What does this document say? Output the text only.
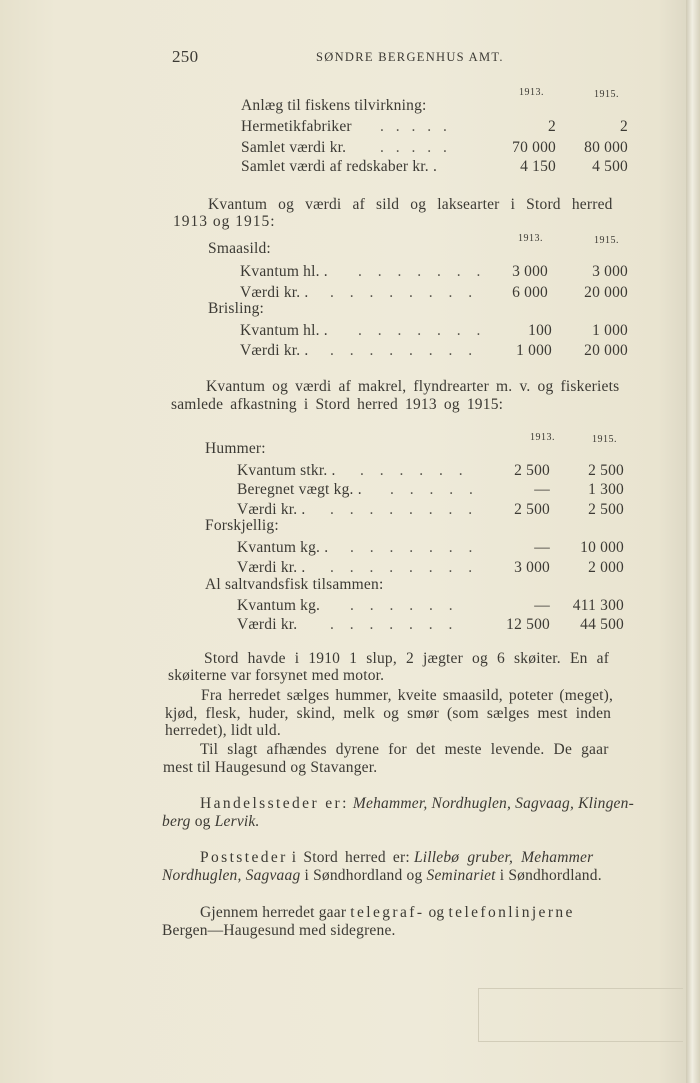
250	SØNDRE BERGENHUS AMT.
1913.	1915.
Anlæg til fiskens tilvirkning:
Hermetikfabriker . . . . .	2	2
Samlet værdi kr. . . . . .	70 000	80 000
Samlet værdi af redskaber kr. .	4 150	4 500
Kvantum og værdi af sild og laksearter i Stord herred
1913 og 1915:
1913.	1915.
Smaasild:
Kvantum hl. . . . . . . . .	3 000	3 000
Værdi kr. . . . . . . . . .	6 000	20 000
Brisling:
Kvantum hl. . . . . . . . .	100	1 000
Værdi kr. . . . . . . . . .	1 000	20 000
Kvantum og værdi af makrel, flyndrearter m. v. og fiskeriets
samlede afkastning i Stord herred 1913 og 1915:
1913.	1915.
Hummer:
Kvantum stkr. . . . . . . .	2 500	2 500
Beregnet vægt kg. . . . . . .	—	1 300
Værdi kr. . . . . . . . . .	2 500	2 500
Forskjellig:
Kvantum kg. . . . . . . . .	—	10 000
Værdi kr. . . . . . . . . .	3 000	2 000
Al saltvandsfisk tilsammen:
Kvantum kg. . . . . . .	—	411 300
Værdi kr. . . . . . . .	12 500	44 500
Stord havde i 1910 1 slup, 2 jægter og 6 skøiter. En af
skøiterne var forsynet med motor.
Fra herredet sælges hummer, kveite smaasild, poteter (meget),
kjød, flesk, huder, skind, melk og smør (som sælges mest inden
herredet), lidt uld.
Til slagt afhændes dyrene for det meste levende. De gaar
mest til Haugesund og Stavanger.
Handelssteder er: Mehammer, Nordhuglen, Sagvaag, Klingen-
berg og Lervik.
Poststeder i Stord herred er: Lillebø gruber, Mehammer
Nordhuglen, Sagvaag i Søndhordland og Seminariet i Søndhordland.
Gjennem herredet gaar telegraf- og telefonlinjerne
Bergen—Haugesund med sidegrene.
